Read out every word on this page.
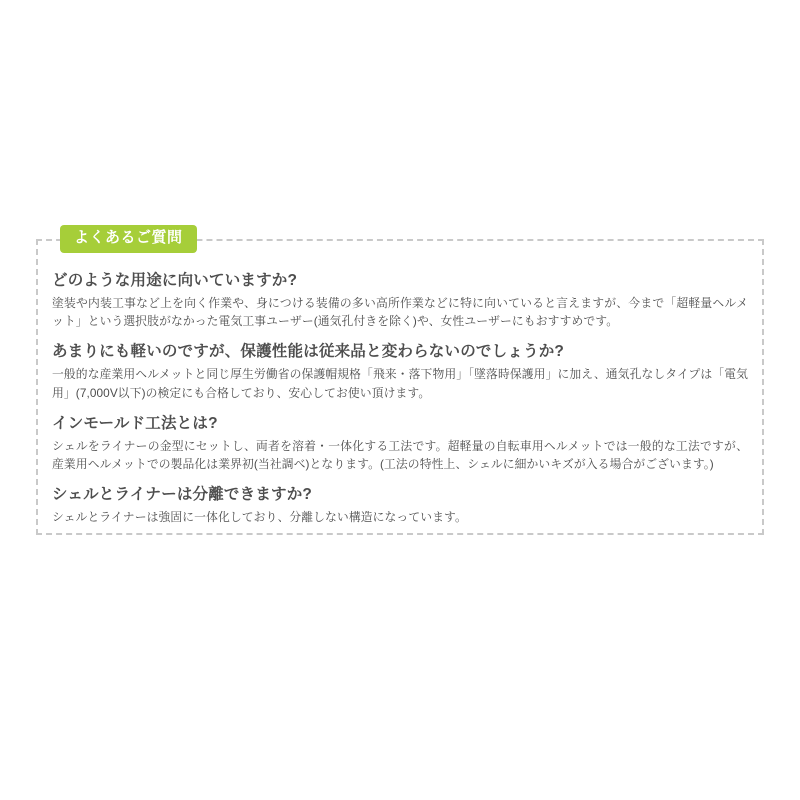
よくあるご質問

どのような用途に向いていますか?

塗装や内装工事など上を向く作業や、身につける装備の多い高所作業などに特に向いていると言えますが、今まで「超軽量ヘルメット」という選択肢がなかった電気工事ユーザー(通気孔付きを除く)や、女性ユーザーにもおすすめです。

あまりにも軽いのですが、保護性能は従来品と変わらないのでしょうか?

一般的な産業用ヘルメットと同じ厚生労働省の保護帽規格「飛来・落下物用」「墜落時保護用」に加え、通気孔なしタイプは「電気用」(7,000V以下)の検定にも合格しており、安心してお使い頂けます。

インモールド工法とは?

シェルをライナーの金型にセットし、両者を溶着・一体化する工法です。超軽量の自転車用ヘルメットでは一般的な工法ですが、産業用ヘルメットでの製品化は業界初(当社調べ)となります。(工法の特性上、シェルに細かいキズが入る場合がございます。)

シェルとライナーは分離できますか?

シェルとライナーは強固に一体化しており、分離しない構造になっています。
